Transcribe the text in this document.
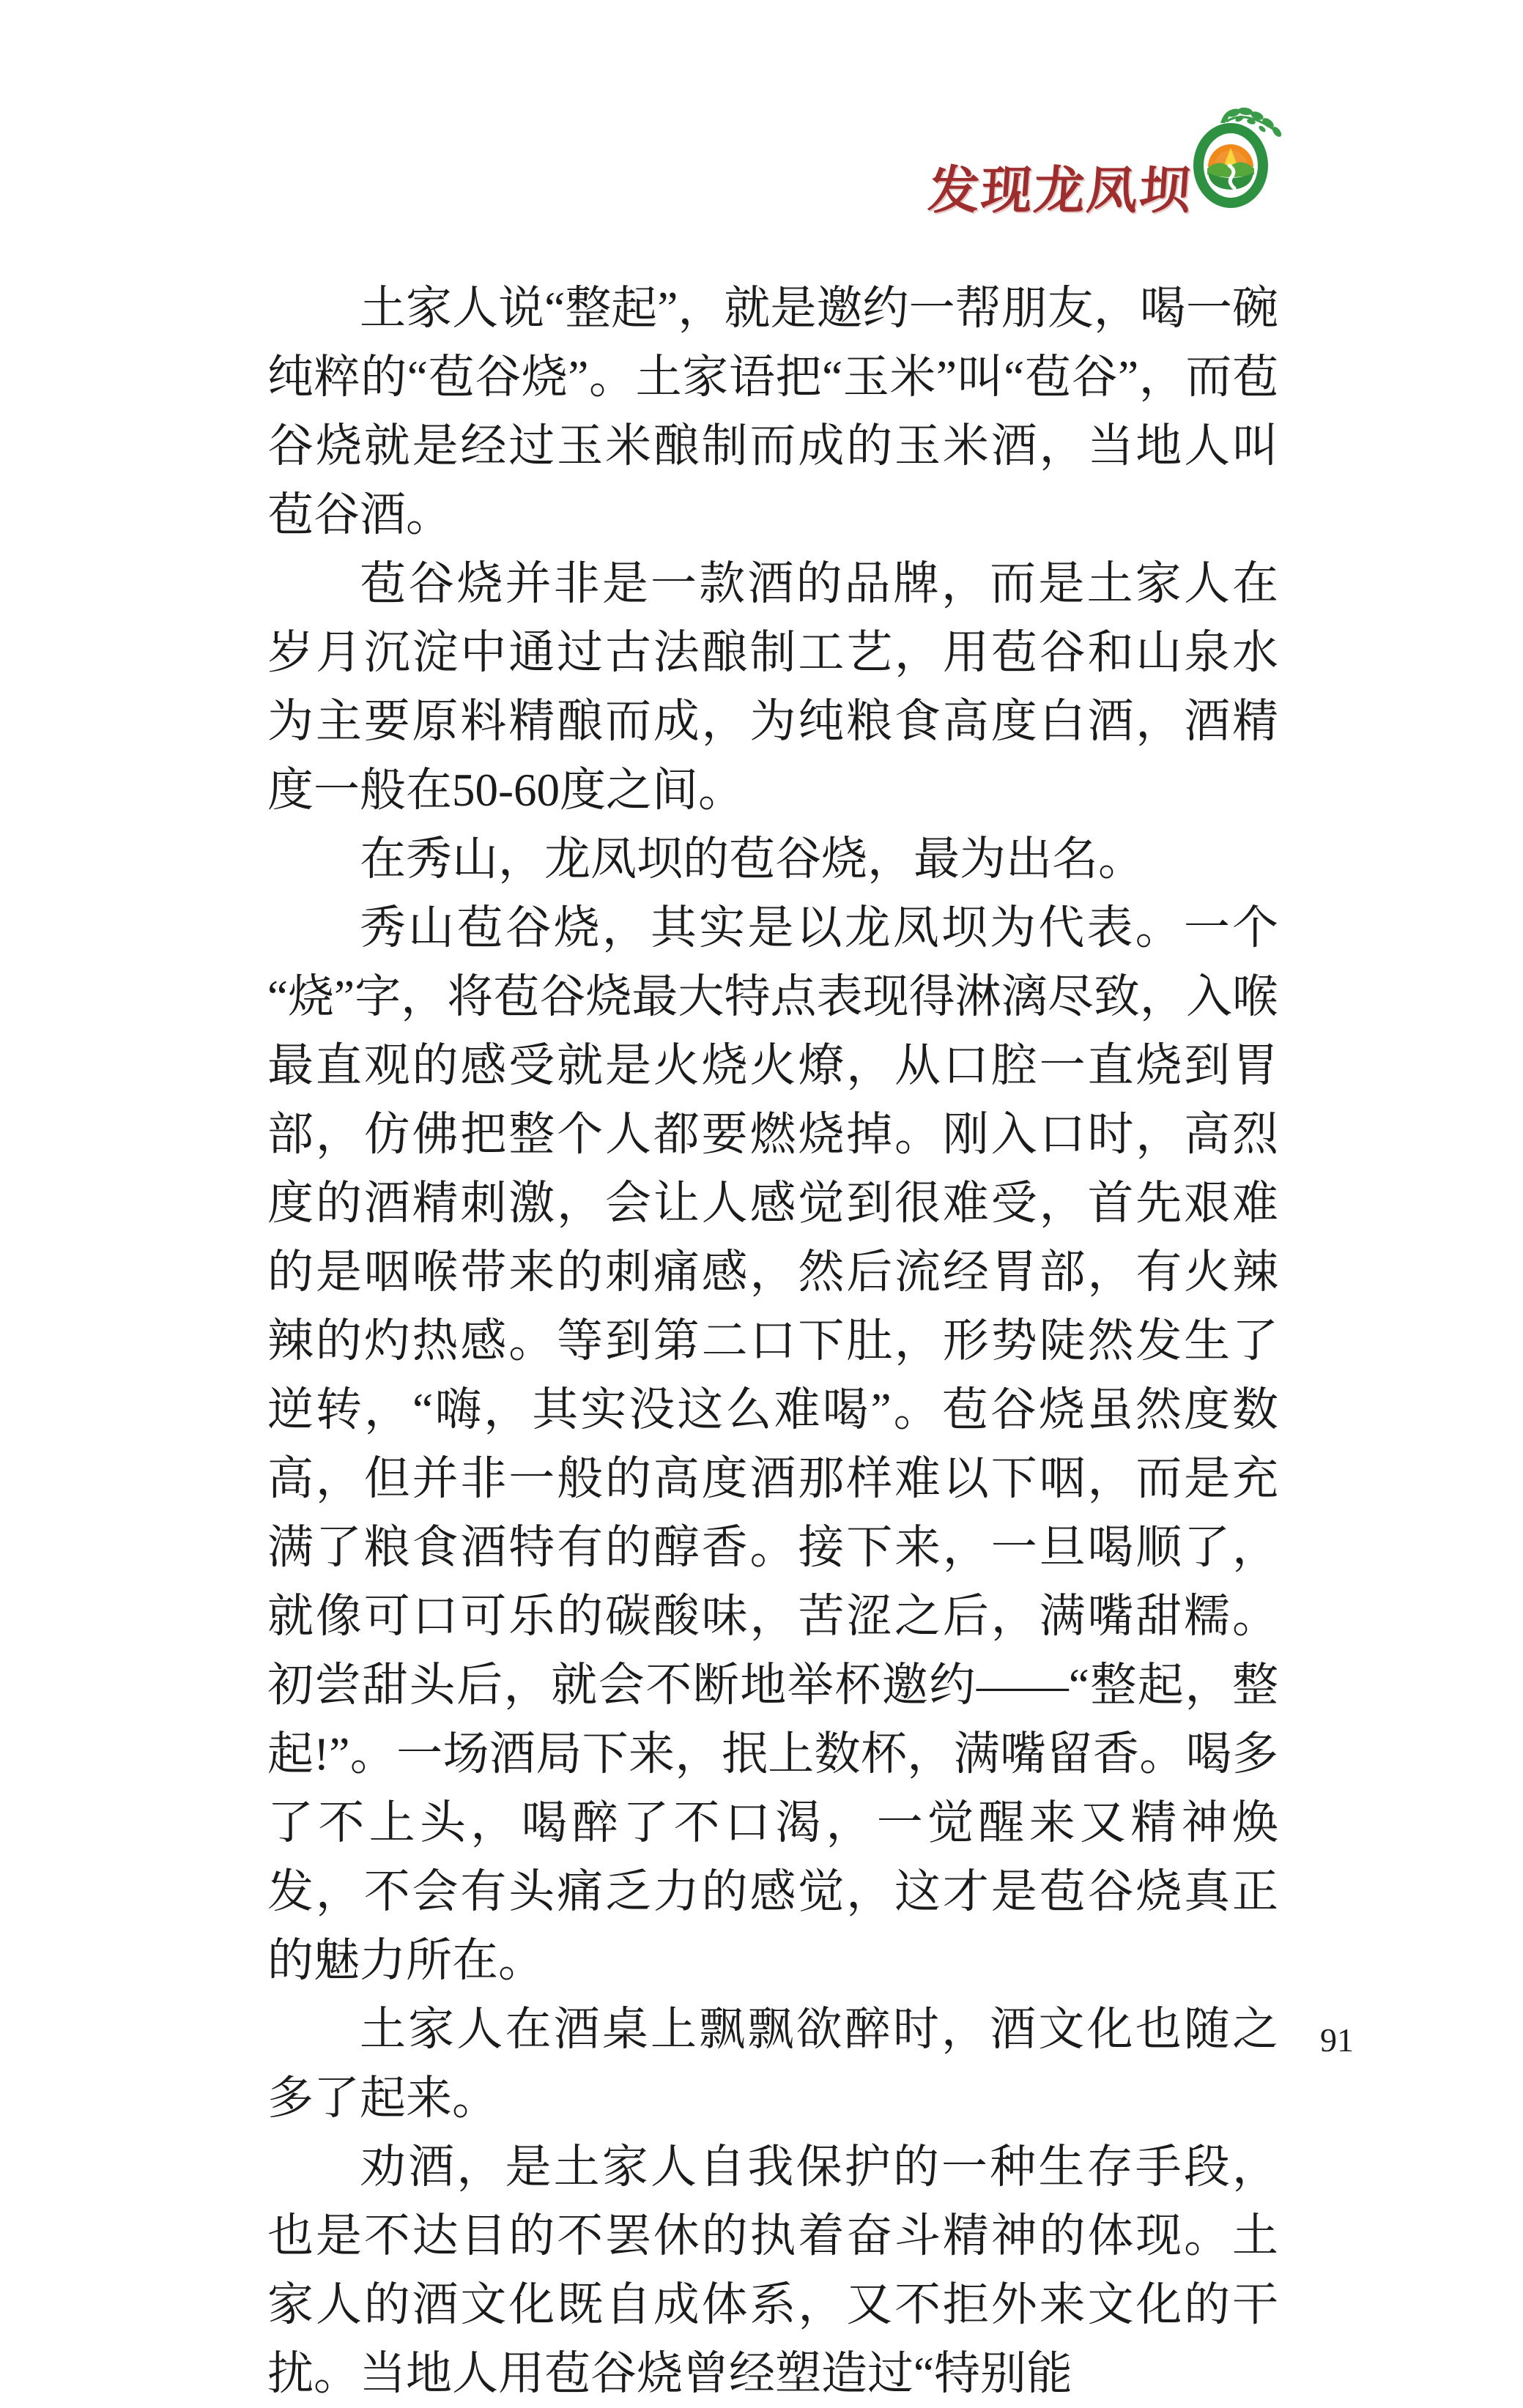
发现龙凤坝

土家人说“整起”，就是邀约一帮朋友，喝一碗纯粹的“苞谷烧”。土家语把“玉米”叫“苞谷”，而苞谷烧就是经过玉米酿制而成的玉米酒，当地人叫苞谷酒。

苞谷烧并非是一款酒的品牌，而是土家人在岁月沉淀中通过古法酿制工艺，用苞谷和山泉水为主要原料精酿而成，为纯粮食高度白酒，酒精度一般在50-60度之间。

在秀山，龙凤坝的苞谷烧，最为出名。

秀山苞谷烧，其实是以龙凤坝为代表。一个“烧”字，将苞谷烧最大特点表现得淋漓尽致，入喉最直观的感受就是火烧火燎，从口腔一直烧到胃部，仿佛把整个人都要燃烧掉。刚入口时，高烈度的酒精刺激，会让人感觉到很难受，首先艰难的是咽喉带来的刺痛感，然后流经胃部，有火辣辣的灼热感。等到第二口下肚，形势陡然发生了逆转，“嗨，其实没这么难喝”。苞谷烧虽然度数高，但并非一般的高度酒那样难以下咽，而是充满了粮食酒特有的醇香。接下来，一旦喝顺了，就像可口可乐的碳酸味，苦涩之后，满嘴甜糯。初尝甜头后，就会不断地举杯邀约——“整起，整起!”。一场酒局下来，抿上数杯，满嘴留香。喝多了不上头，喝醉了不口渴，一觉醒来又精神焕发，不会有头痛乏力的感觉，这才是苞谷烧真正的魅力所在。

土家人在酒桌上飘飘欲醉时，酒文化也随之多了起来。

劝酒，是土家人自我保护的一种生存手段，也是不达目的不罢休的执着奋斗精神的体现。土家人的酒文化既自成体系，又不拒外来文化的干扰。当地人用苞谷烧曾经塑造过“特别能

91
